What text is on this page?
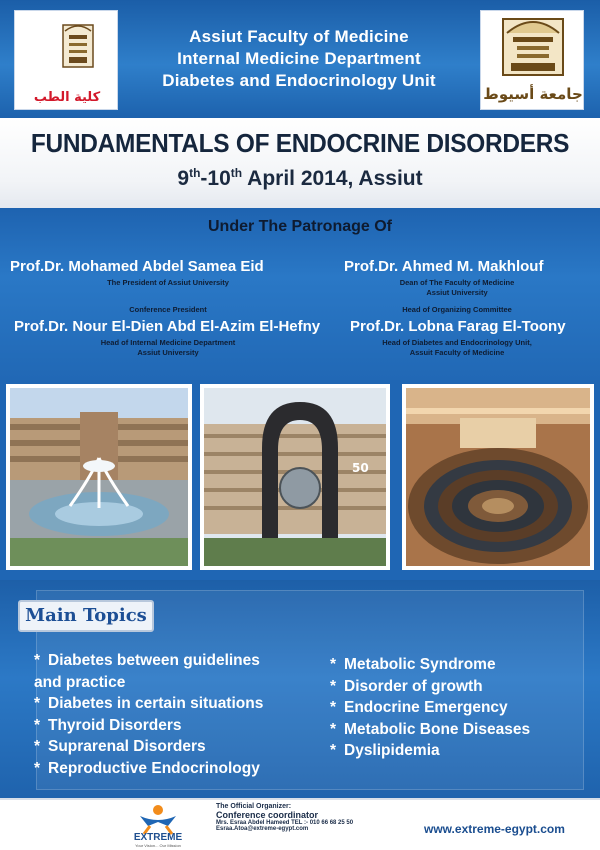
كلية الطب
Assiut Faculty of Medicine
Internal Medicine Department
Diabetes and Endocrinology Unit
جامعة أسيوط
FUNDAMENTALS OF ENDOCRINE DISORDERS
9th-10th April 2014, Assiut
Under The Patronage Of
Prof.Dr. Mohamed Abdel Samea Eid
The President of Assiut University
Prof.Dr. Ahmed M. Makhlouf
Dean of The Faculty of Medicine
Assiut University
Conference President
Prof.Dr. Nour El-Dien Abd El-Azim El-Hefny
Head of Internal Medicine Department
Assiut University
Head of Organizing Committee
Prof.Dr. Lobna Farag El-Toony
Head of Diabetes and Endocrinology Unit,
Assuit Faculty of Medicine
50
Main Topics
* Diabetes between guidelines
and practice
* Diabetes in certain situations
* Thyroid Disorders
* Suprarenal Disorders
* Reproductive Endocrinology
* Metabolic Syndrome
* Disorder of growth
* Endocrine Emergency
* Metabolic Bone Diseases
* Dyslipidemia
EXTREME
Your Vision... Our Mission
The Official Organizer:
Conference coordinator
Mrs. Esraa Abdel Hameed TEL :- 010 66 68 25 50
Esraa.Atoa@extreme-egypt.com	www.extreme-egypt.com
